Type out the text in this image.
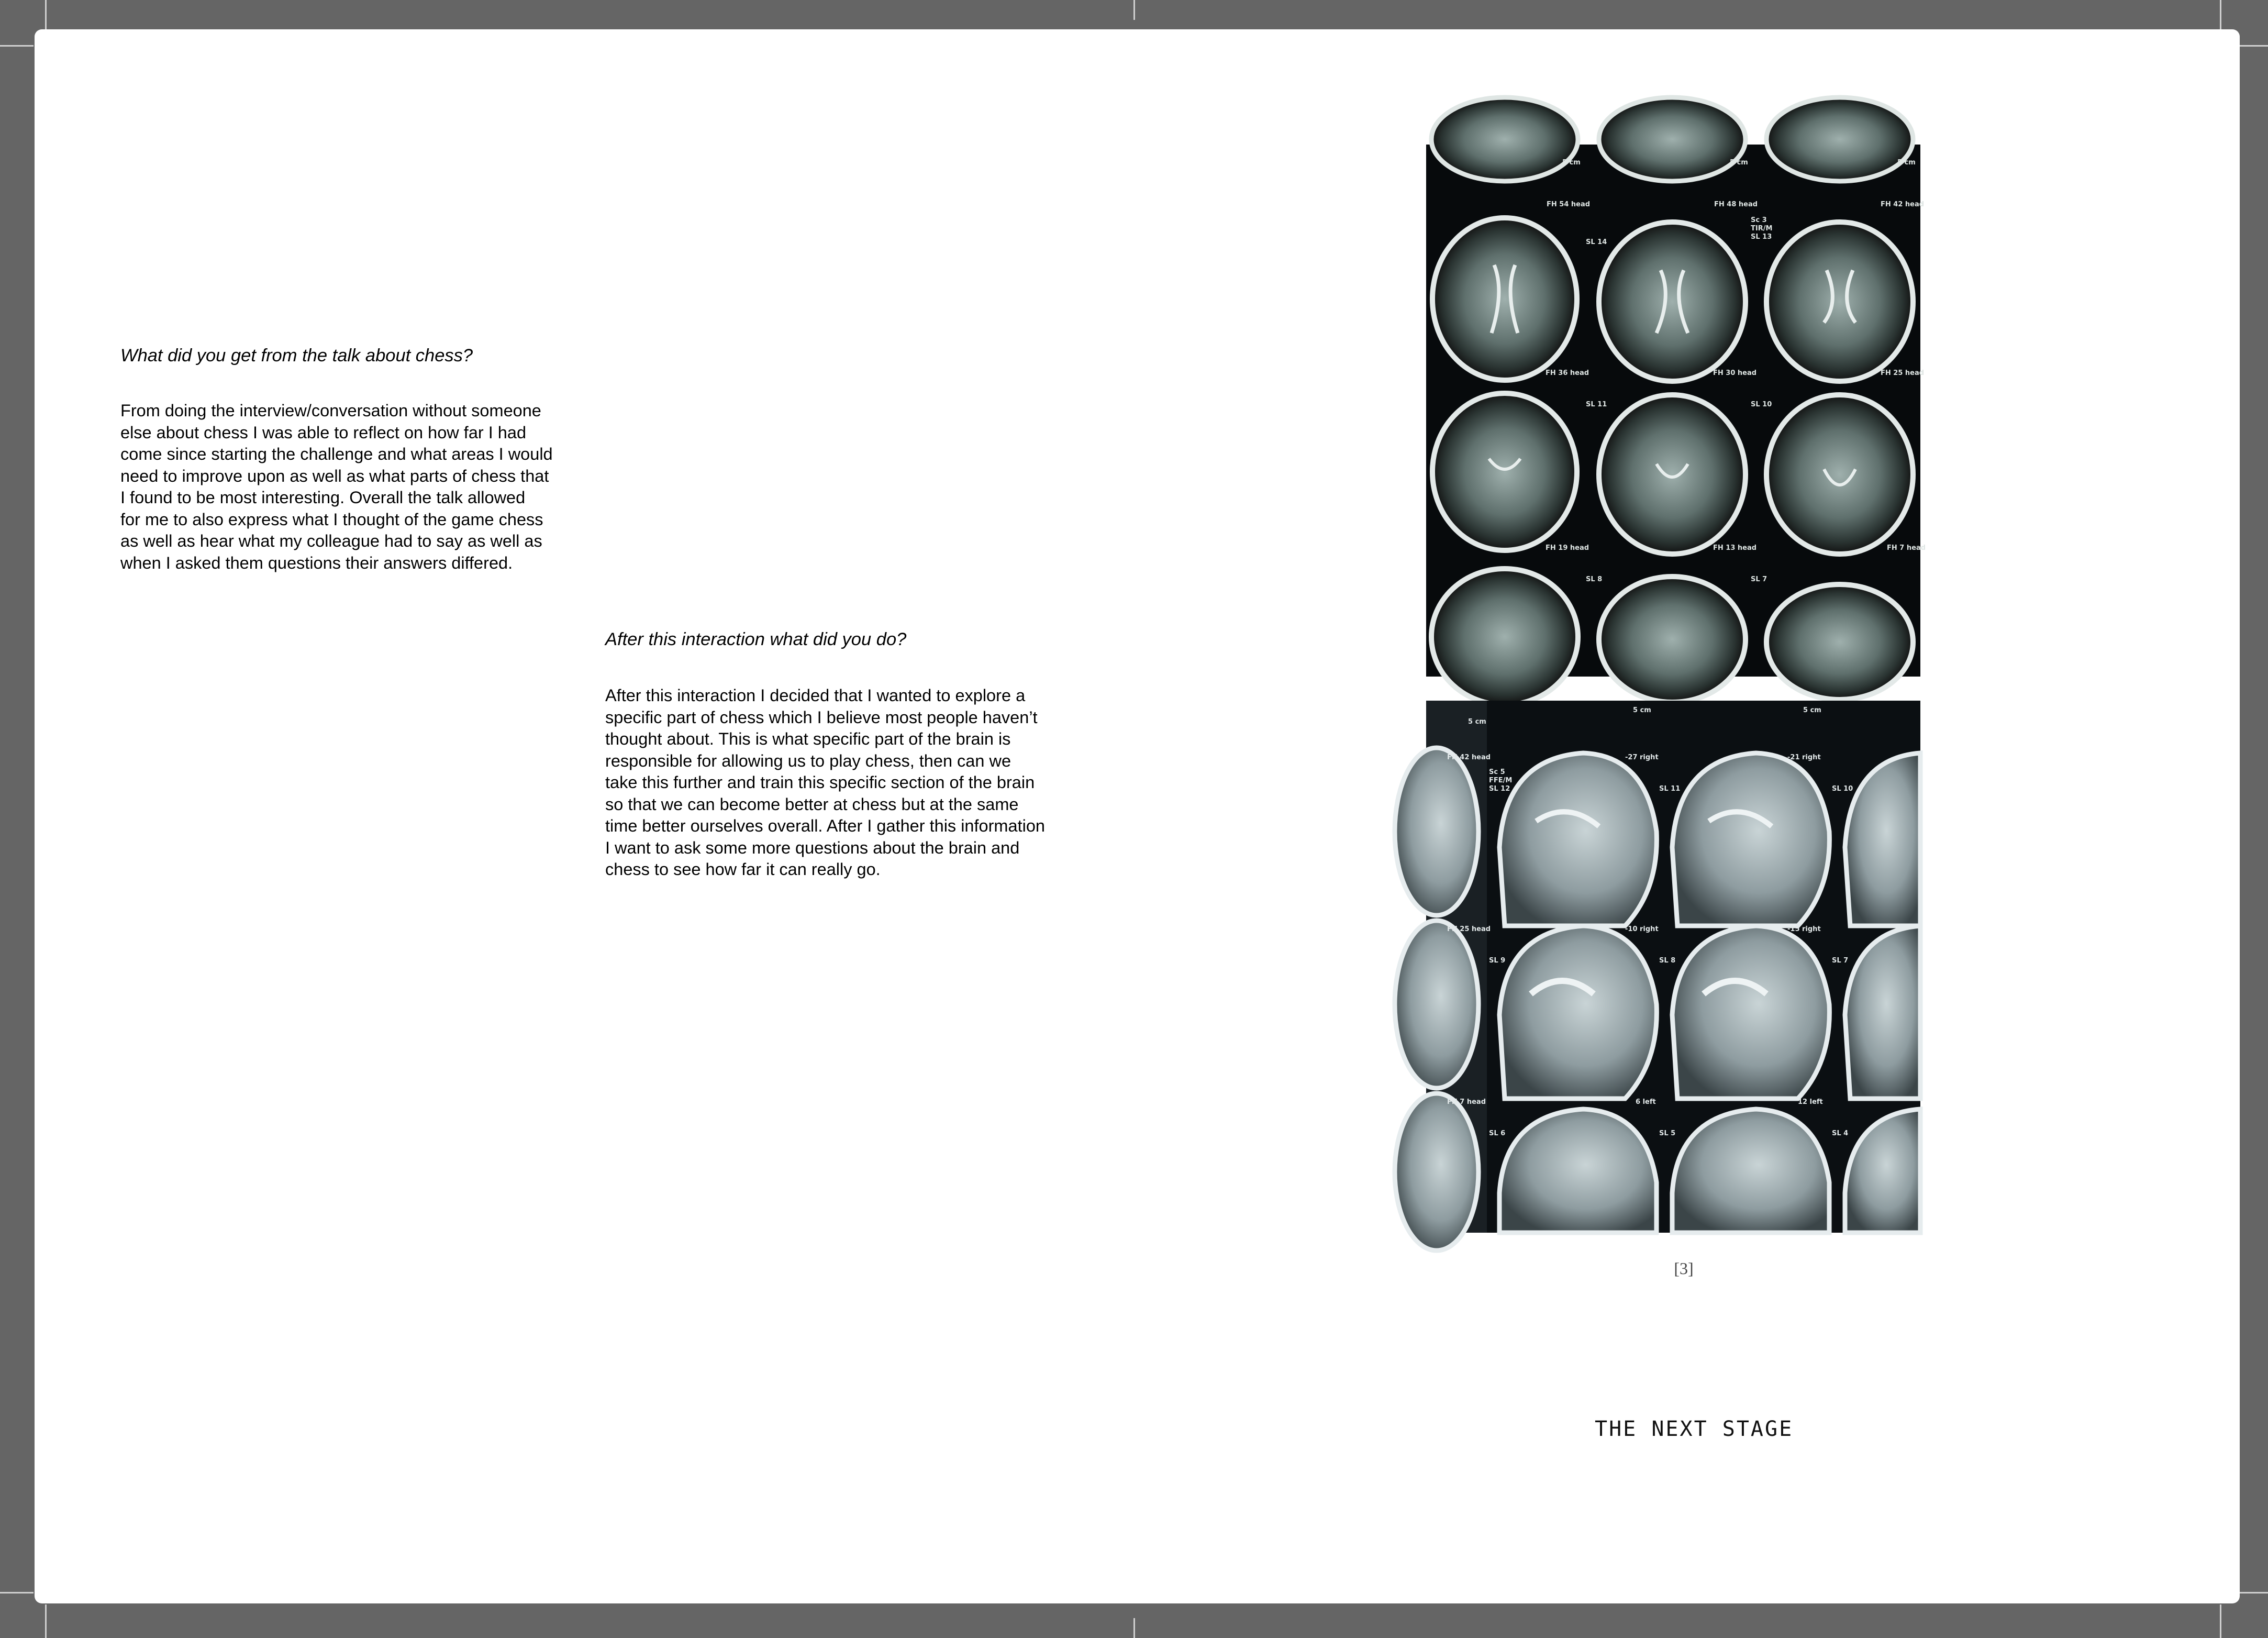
What did you get from the talk about chess?

From doing the interview/conversation without someone
else about chess I was able to reflect on how far I had
come since starting the challenge and what areas I would
need to improve upon as well as what parts of chess that
I found to be most interesting. Overall the talk allowed
for me to also express what I thought of the game chess
as well as hear what my colleague had to say as well as
when I asked them questions their answers differed.

After this interaction what did you do?

After this interaction I decided that I wanted to explore a
specific part of chess which I believe most people haven’t
thought about. This is what specific part of the brain is
responsible for allowing us to play chess, then can we
take this further and train this specific section of the brain
so that we can become better at chess but at the same
time better ourselves overall. After I gather this information
I want to ask some more questions about the brain and
chess to see how far it can really go.
5 cm	5 cm	5 cm
FH 54 head	FH 48 head	FH 42 head
Sc 3
TIR/M
SL 14
SL 13
FH 36 head	FH 30 head	FH 25 head
SL 11	SL 10
FH 19 head	FH 13 head	FH 7 head
SL 8	SL 7
5 cm	5 cm
5 cm
FH 42 head	-27 right	-21 right
Sc 5
FFE/M
SL 12	SL 11	SL 10
FH 25 head	-10 right	-15 right
SL 9	SL 8	SL 7
FH 7 head	6 left	12 left
SL 6	SL 5	SL 4
[3]
THE NEXT STAGE
